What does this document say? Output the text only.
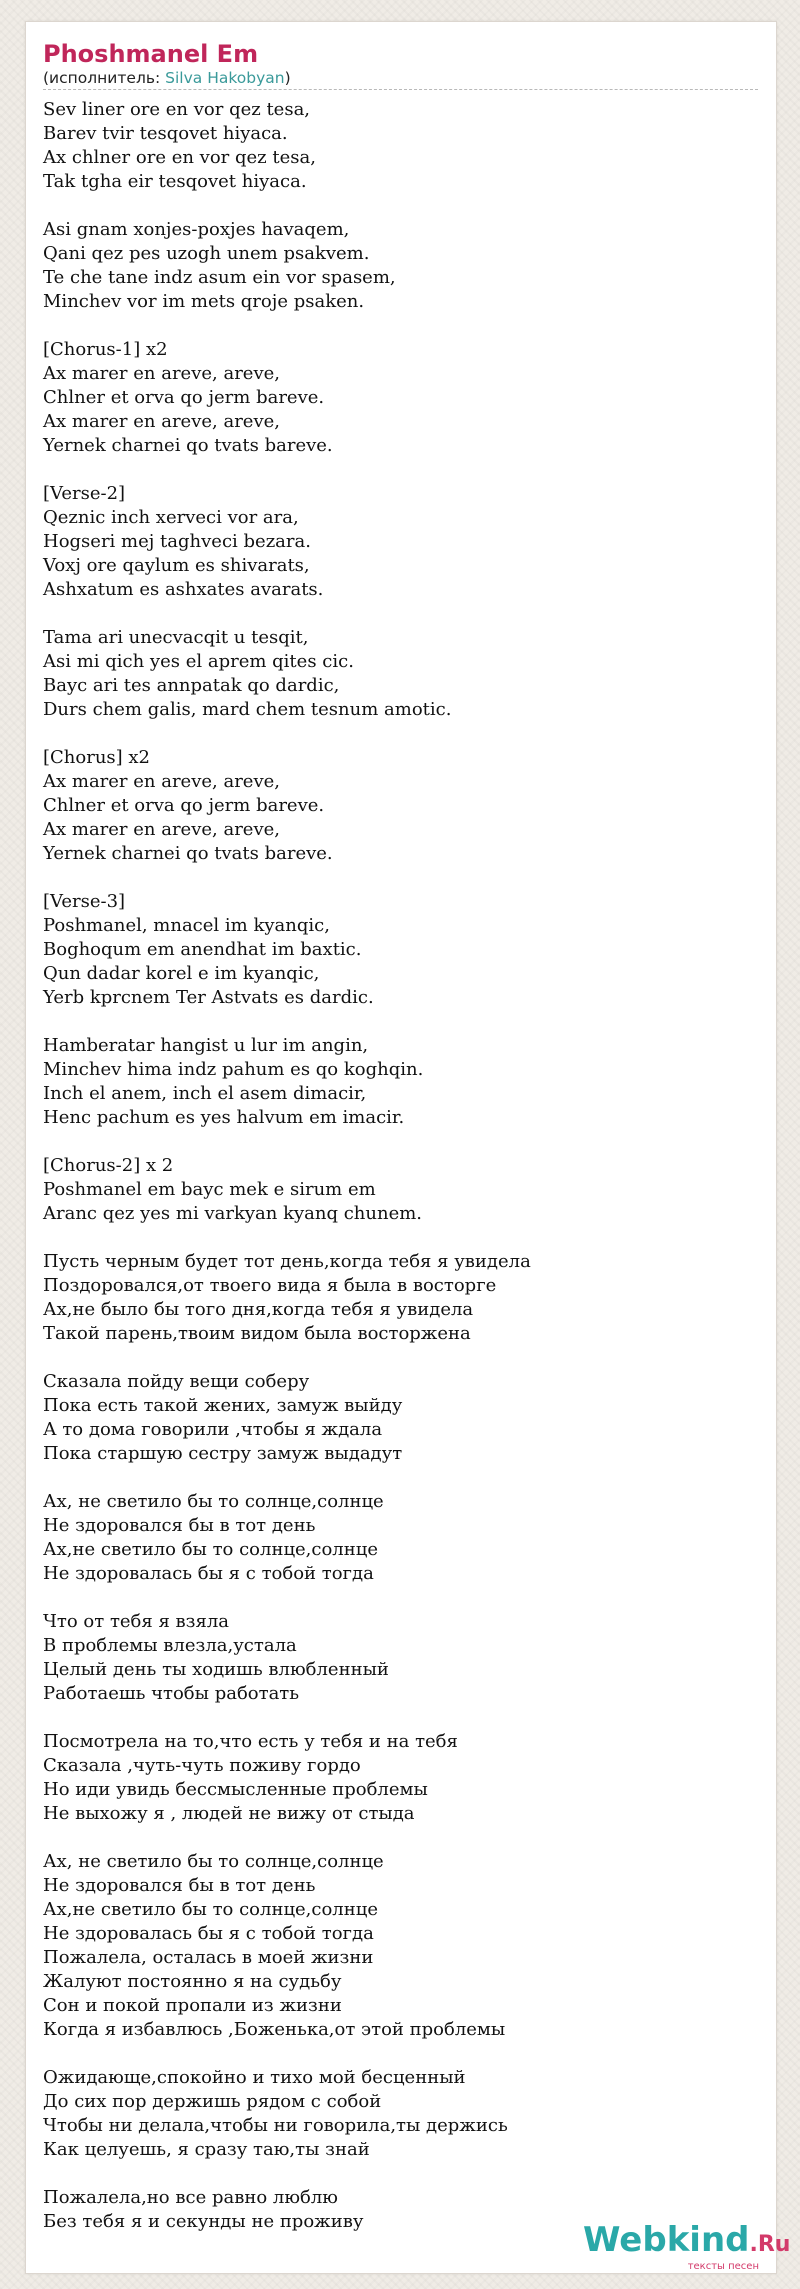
Phoshmanel Em
(исполнитель: Silva Hakobyan)
Sev liner ore en vor qez tesa,
Barev tvir tesqovet hiyaca.
Ax chlner ore en vor qez tesa,
Tak tgha eir tesqovet hiyaca.
Asi gnam xonjes-poxjes havaqem,
Qani qez pes uzogh unem psakvem.
Te che tane indz asum ein vor spasem,
Minchev vor im mets qroje psaken.
[Chorus-1] x2
Ax marer en areve, areve,
Chlner et orva qo jerm bareve.
Ax marer en areve, areve,
Yernek charnei qo tvats bareve.
[Verse-2]
Qeznic inch xerveci vor ara,
Hogseri mej taghveci bezara.
Voxj ore qaylum es shivarats,
Ashxatum es ashxates avarats.
Tama ari unecvacqit u tesqit,
Asi mi qich yes el aprem qites cic.
Bayc ari tes annpatak qo dardic,
Durs chem galis, mard chem tesnum amotic.
[Chorus] x2
Ax marer en areve, areve,
Chlner et orva qo jerm bareve.
Ax marer en areve, areve,
Yernek charnei qo tvats bareve.
[Verse-3]
Poshmanel, mnacel im kyanqic,
Boghoqum em anendhat im baxtic.
Qun dadar korel e im kyanqic,
Yerb kprcnem Ter Astvats es dardic.
Hamberatar hangist u lur im angin,
Minchev hima indz pahum es qo koghqin.
Inch el anem, inch el asem dimacir,
Henc pachum es yes halvum em imacir.
[Chorus-2] x 2
Poshmanel em bayc mek e sirum em
Aranc qez yes mi varkyan kyanq chunem.
Пусть черным будет тот день,когда тебя я увидела
Поздоровался,от твоего вида я была в восторге
Ах,не было бы того дня,когда тебя я увидела
Такой парень,твоим видом была восторжена
Сказала пойду вещи соберу
Пока есть такой жених, замуж выйду
А то дома говорили ,чтобы я ждала
Пока старшую сестру замуж выдадут
Ах, не светило бы то солнце,солнце
Не здоровался бы в тот день
Ах,не светило бы то солнце,солнце
Не здоровалась бы я с тобой тогда
Что от тебя я взяла
В проблемы влезла,устала
Целый день ты ходишь влюбленный
Работаешь чтобы работать
Посмотрела на то,что есть у тебя и на тебя
Сказала ,чуть-чуть поживу гордо
Но иди увидь бессмысленные проблемы
Не выхожу я , людей не вижу от стыда
Ах, не светило бы то солнце,солнце
Не здоровался бы в тот день
Ах,не светило бы то солнце,солнце
Не здоровалась бы я с тобой тогда
Пожалела, осталась в моей жизни
Жалуют постоянно я на судьбу
Сон и покой пропали из жизни
Когда я избавлюсь ,Боженька,от этой проблемы
Ожидающе,спокойно и тихо мой бесценный
До сих пор держишь рядом с собой
Чтобы ни делала,чтобы ни говорила,ты держись
Как целуешь, я сразу таю,ты знай
Пожалела,но все равно люблю
Без тебя я и секунды не проживу	Webkind.Ru
тексты песен
